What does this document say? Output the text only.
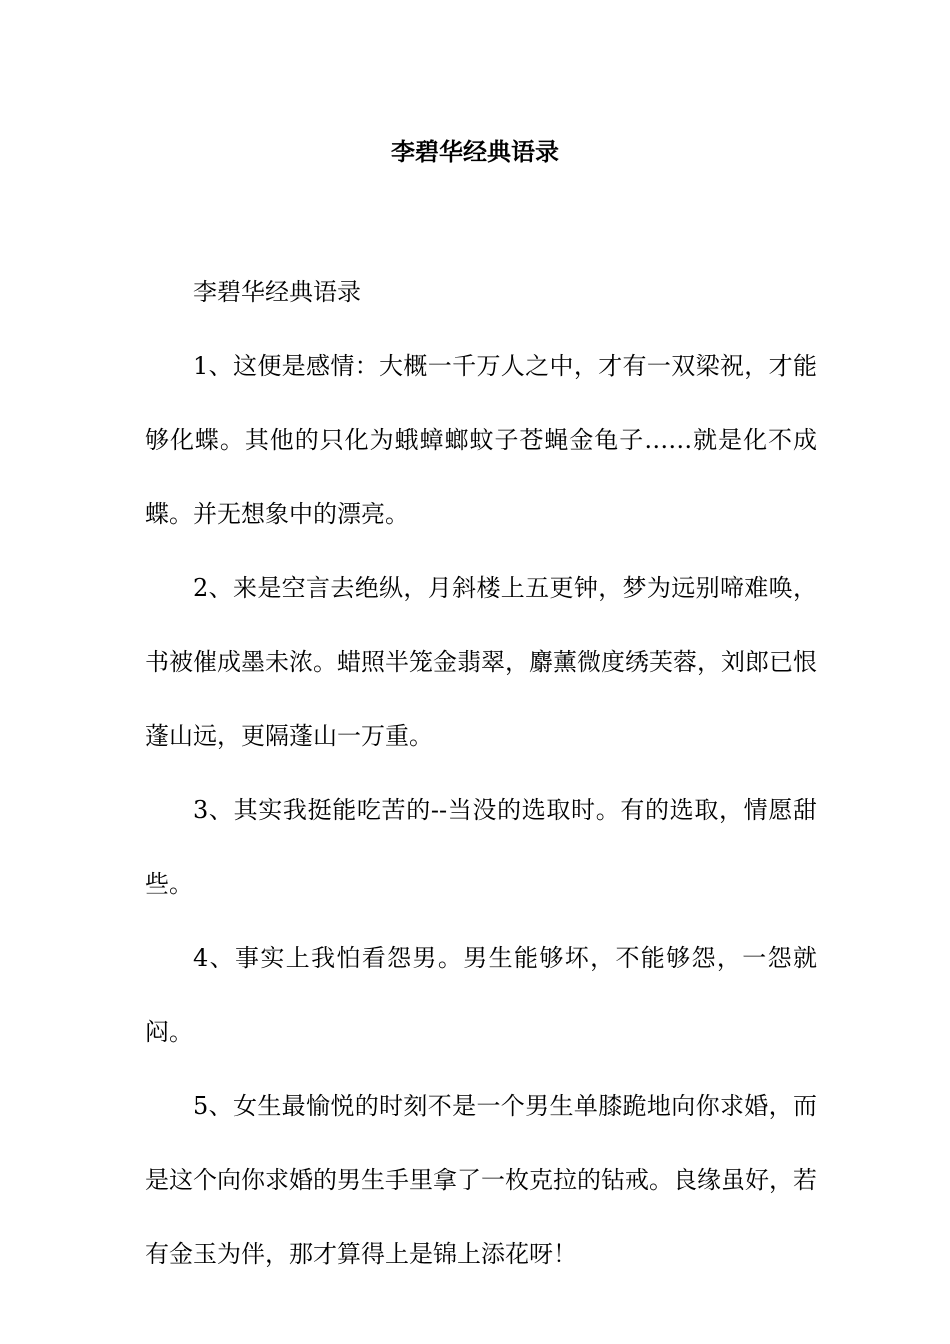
李碧华经典语录

李碧华经典语录

1、这便是感情：大概一千万人之中，才有一双梁祝，才能够化蝶。其他的只化为蛾蟑螂蚊子苍蝇金龟子……就是化不成蝶。并无想象中的漂亮。

2、来是空言去绝纵，月斜楼上五更钟，梦为远别啼难唤，书被催成墨未浓。蜡照半笼金翡翠，麝薰微度绣芙蓉，刘郎已恨蓬山远，更隔蓬山一万重。

3、其实我挺能吃苦的--当没的选取时。有的选取，情愿甜些。

4、事实上我怕看怨男。男生能够坏，不能够怨，一怨就闷。

5、女生最愉悦的时刻不是一个男生单膝跪地向你求婚，而是这个向你求婚的男生手里拿了一枚克拉的钻戒。良缘虽好，若有金玉为伴，那才算得上是锦上添花呀！
